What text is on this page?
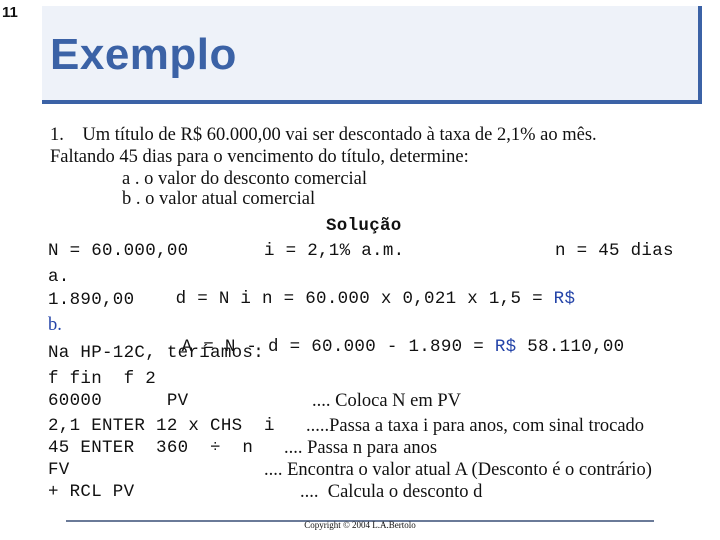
11
Exemplo
1.    Um título de R$ 60.000,00 vai ser descontado à taxa de 2,1% ao mês.
Faltando 45 dias para o vencimento do título, determine:
a . o valor do desconto comercial
b . o valor atual comercial
Solução
N = 60.000,00	i = 2,1% a.m.	n = 45 dias
a.

d = N i n = 60.000 x 0,021 x 1,5 = R$

1.890,00
b.

A = N - d = 60.000 - 1.890 = R$ 58.110,00

Na HP-12C, teríamos:
f fin  f 2
60000      PV	.... Coloca N em PV
2,1 ENTER 12 x CHS  i .....Passa a taxa i para anos, com sinal trocado
45 ENTER  360  ÷  n .... Passa n para anos
FV	.... Encontra o valor atual A (Desconto é o contrário)
+ RCL PV	....  Calcula o desconto d
Copyright © 2004 L.A.Bertolo
